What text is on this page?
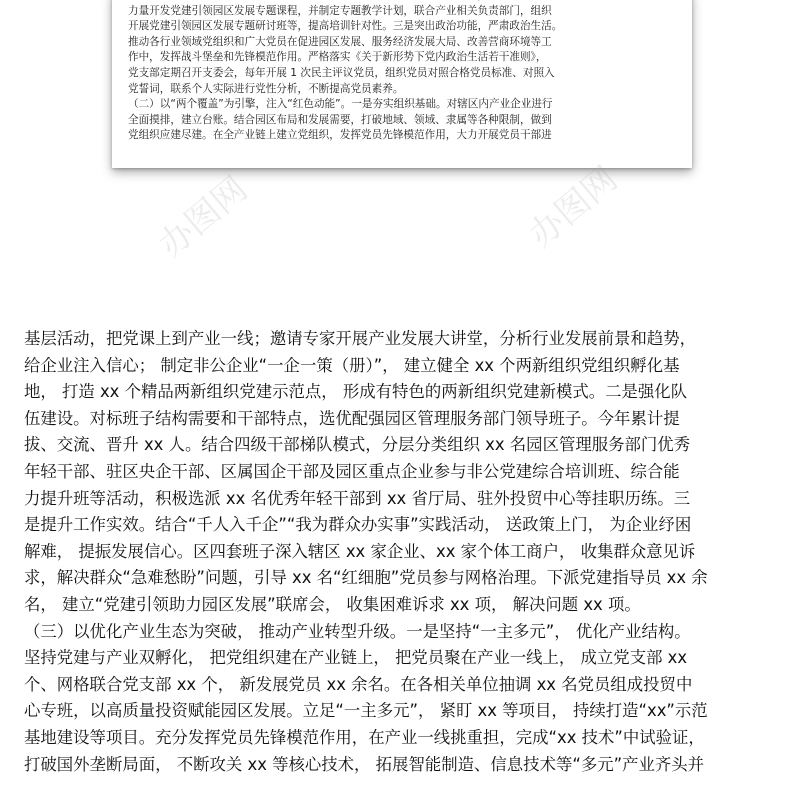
力量开发党建引领园区发展专题课程，并制定专题教学计划，联合产业相关负责部门，组织

开展党建引领园区发展专题研讨班等，提高培训针对性。三是突出政治功能，严肃政治生活。

推动各行业领域党组织和广大党员在促进园区发展、服务经济发展大局、改善营商环境等工

作中，发挥战斗堡垒和先锋模范作用。严格落实《关于新形势下党内政治生活若干准则》，

党支部定期召开支委会，每年开展 1 次民主评议党员，组织党员对照合格党员标准、对照入

党誓词，联系个人实际进行党性分析，不断提高党员素养。

（二）以“两个覆盖”为引擎，注入“红色动能”。一是夯实组织基础。对辖区内产业企业进行

全面摸排，建立台账。结合园区布局和发展需要，打破地域、领域、隶属等各种限制，做到

党组织应建尽建。在全产业链上建立党组织，发挥党员先锋模范作用，大力开展党员干部进

办图网	办图网

基层活动，把党课上到产业一线；邀请专家开展产业发展大讲堂，分析行业发展前景和趋势，

给企业注入信心； 制定非公企业“一企一策（册）”， 建立健全 xx 个两新组织党组织孵化基

地， 打造 xx 个精品两新组织党建示范点， 形成有特色的两新组织党建新模式。二是强化队

伍建设。对标班子结构需要和干部特点，选优配强园区管理服务部门领导班子。今年累计提

拔、交流、晋升 xx 人。结合四级干部梯队模式，分层分类组织 xx 名园区管理服务部门优秀

年轻干部、驻区央企干部、区属国企干部及园区重点企业参与非公党建综合培训班、综合能

力提升班等活动，积极选派 xx 名优秀年轻干部到 xx 省厅局、驻外投贸中心等挂职历练。三

是提升工作实效。结合“千人入千企”“我为群众办实事”实践活动， 送政策上门， 为企业纾困

解难， 提振发展信心。区四套班子深入辖区 xx 家企业、xx 家个体工商户， 收集群众意见诉

求，解决群众“急难愁盼”问题，引导 xx 名“红细胞”党员参与网格治理。下派党建指导员 xx 余

名， 建立“党建引领助力园区发展”联席会， 收集困难诉求 xx 项， 解决问题 xx 项。

（三）以优化产业生态为突破， 推动产业转型升级。一是坚持“一主多元”， 优化产业结构。

坚持党建与产业双孵化， 把党组织建在产业链上， 把党员聚在产业一线上， 成立党支部 xx

个、网格联合党支部 xx 个， 新发展党员 xx 余名。在各相关单位抽调 xx 名党员组成投贸中

心专班，以高质量投资赋能园区发展。立足“一主多元”， 紧盯 xx 等项目， 持续打造“xx”示范

基地建设等项目。充分发挥党员先锋模范作用，在产业一线挑重担，完成“xx 技术”中试验证，

打破国外垄断局面， 不断攻关 xx 等核心技术， 拓展智能制造、信息技术等“多元”产业齐头并
